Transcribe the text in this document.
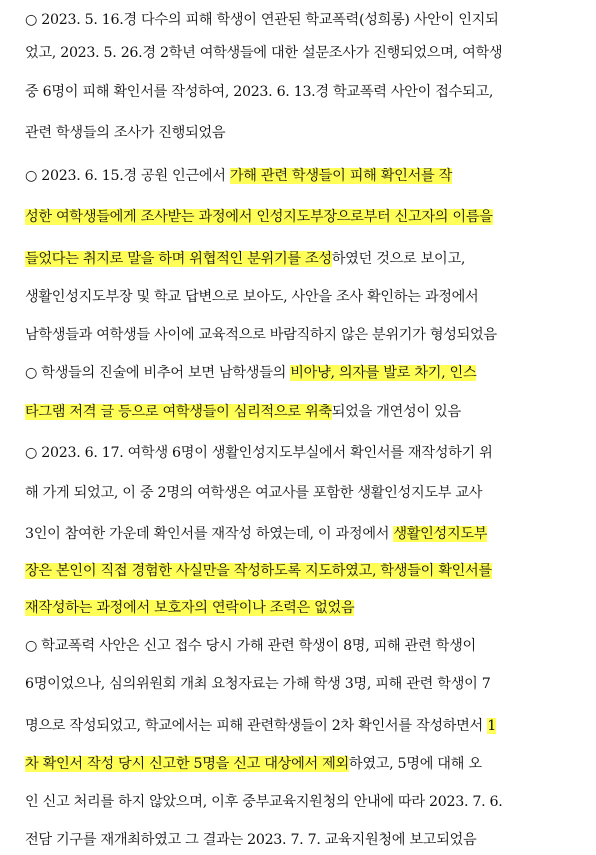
○ 2023. 5. 16.경 다수의 피해 학생이 연관된 학교폭력(성희롱) 사안이 인지되
었고, 2023. 5. 26.경 2학년 여학생들에 대한 설문조사가 진행되었으며, 여학생
중 6명이 피해 확인서를 작성하여, 2023. 6. 13.경 학교폭력 사안이 접수되고,
관련 학생들의 조사가 진행되었음
○ 2023. 6. 15.경 공원 인근에서 가해 관련 학생들이 피해 확인서를 작
성한 여학생들에게 조사받는 과정에서 인성지도부장으로부터 신고자의 이름을
들었다는 취지로 말을 하며 위협적인 분위기를 조성하였던 것으로 보이고,
생활인성지도부장 및 학교 답변으로 보아도, 사안을 조사 확인하는 과정에서
남학생들과 여학생들 사이에 교육적으로 바람직하지 않은 분위기가 형성되었음
○ 학생들의 진술에 비추어 보면 남학생들의 비아냥, 의자를 발로 차기, 인스
타그램 저격 글 등으로 여학생들이 심리적으로 위축되었을 개연성이 있음
○ 2023. 6. 17. 여학생 6명이 생활인성지도부실에서 확인서를 재작성하기 위
해 가게 되었고, 이 중 2명의 여학생은 여교사를 포함한 생활인성지도부 교사
3인이 참여한 가운데 확인서를 재작성 하였는데, 이 과정에서 생활인성지도부
장은 본인이 직접 경험한 사실만을 작성하도록 지도하였고, 학생들이 확인서를
재작성하는 과정에서 보호자의 연락이나 조력은 없었음
○ 학교폭력 사안은 신고 접수 당시 가해 관련 학생이 8명, 피해 관련 학생이
6명이었으나, 심의위원회 개최 요청자료는 가해 학생 3명, 피해 관련 학생이 7
명으로 작성되었고, 학교에서는 피해 관련학생들이 2차 확인서를 작성하면서 1
차 확인서 작성 당시 신고한 5명을 신고 대상에서 제외하였고, 5명에 대해 오
인 신고 처리를 하지 않았으며, 이후 중부교육지원청의 안내에 따라 2023. 7. 6.
전담 기구를 재개최하였고 그 결과는 2023. 7. 7. 교육지원청에 보고되었음
